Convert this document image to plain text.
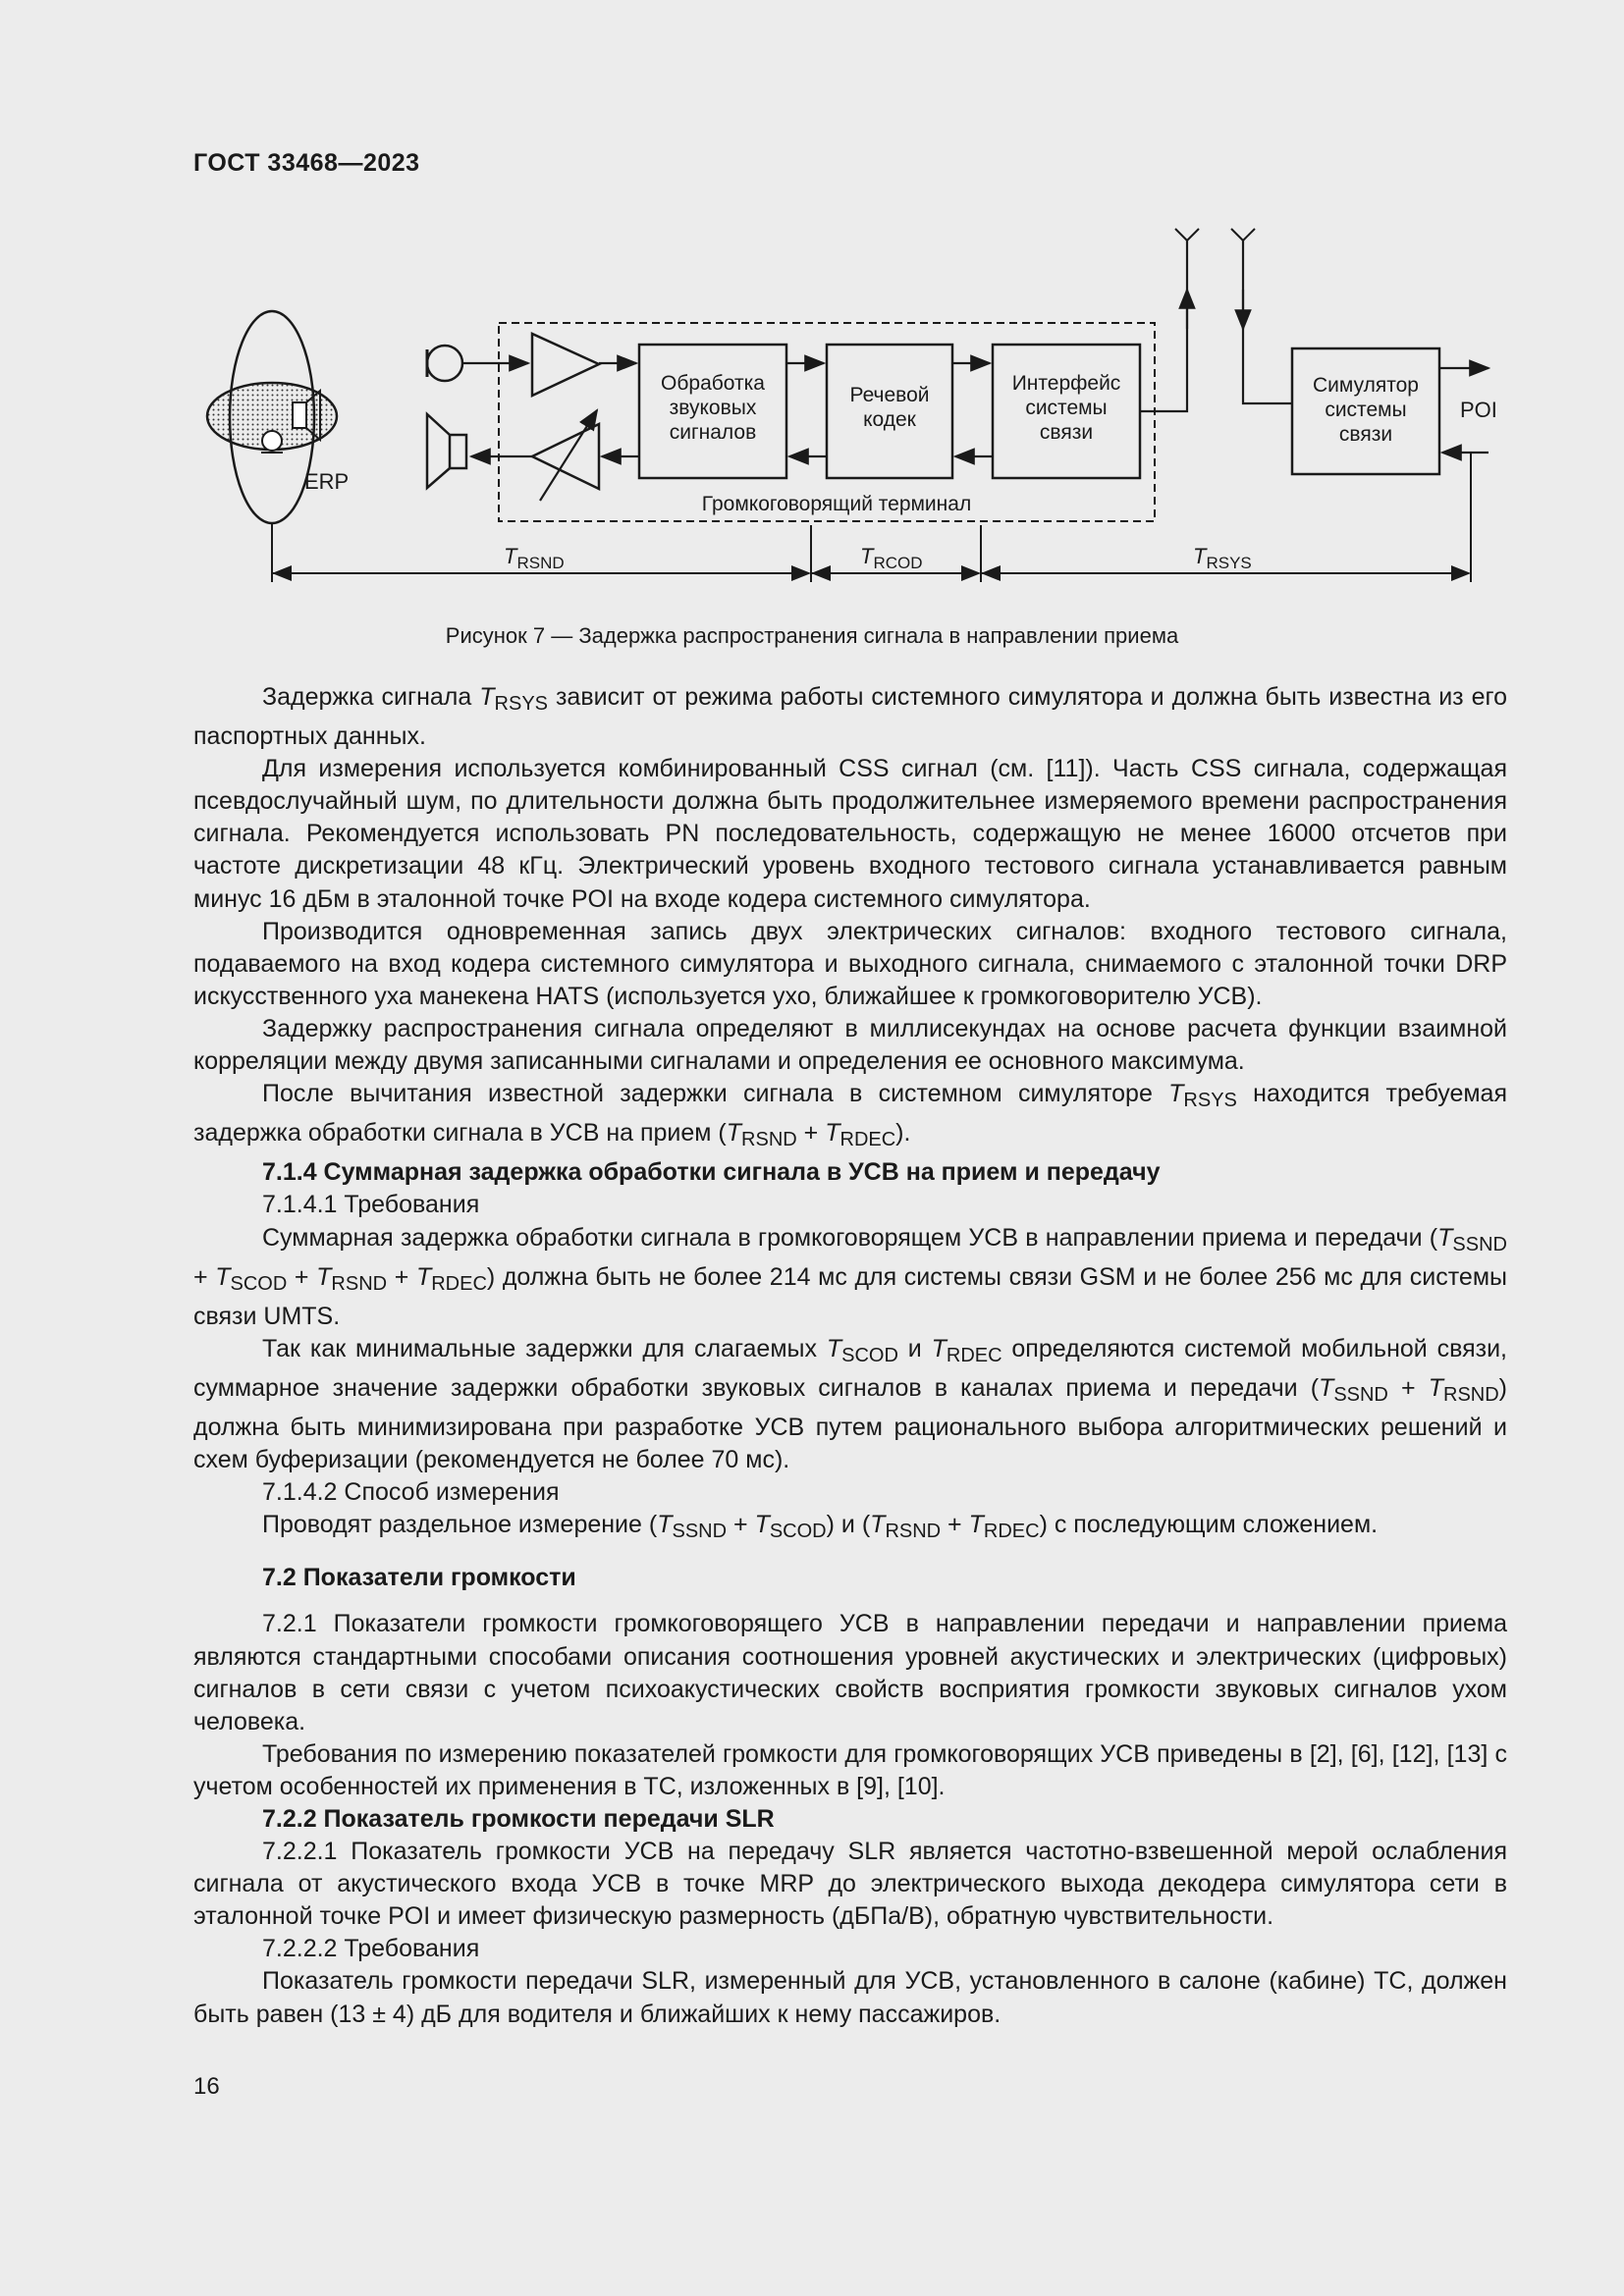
ГОСТ 33468—2023
ERP
Громкоговорящий терминал
Обработка
звуковых
сигналов
Речевой
кодек
Интерфейс
системы
связи
Симулятор
системы
связи
POI
$T_{RSND}$	$T_{RCOD}$	$T_{RSYS}$
Рисунок 7 — Задержка распространения сигнала в направлении приема

Задержка сигнала $T_{RSYS}$ зависит от режима работы системного симулятора и должна быть известна из его паспортных данных.

Для измерения используется комбинированный CSS сигнал (см. [11]). Часть CSS сигнала, содержащая псевдослучайный шум, по длительности должна быть продолжительнее измеряемого времени распространения сигнала. Рекомендуется использовать PN последовательность, содержащую не менее 16000 отсчетов при частоте дискретизации 48 кГц. Электрический уровень входного тестового сигнала устанавливается равным минус 16 дБм в эталонной точке POI на входе кодера системного симулятора.

Производится одновременная запись двух электрических сигналов: входного тестового сигнала, подаваемого на вход кодера системного симулятора и выходного сигнала, снимаемого с эталонной точки DRP искусственного уха манекена HATS (используется ухо, ближайшее к громкоговорителю УСВ).

Задержку распространения сигнала определяют в миллисекундах на основе расчета функции взаимной корреляции между двумя записанными сигналами и определения ее основного максимума.

После вычитания известной задержки сигнала в системном симуляторе $T_{RSYS}$ находится требуемая задержка обработки сигнала в УСВ на прием $(T_{RSND} + T_{RDEC})$.

7.1.4 Суммарная задержка обработки сигнала в УСВ на прием и передачу

7.1.4.1 Требования

Суммарная задержка обработки сигнала в громкоговорящем УСВ в направлении приема и передачи $(T_{SSND} + T_{SCOD} + T_{RSND} + T_{RDEC})$ должна быть не более 214 мс для системы связи GSM и не более 256 мс для системы связи UMTS.

Так как минимальные задержки для слагаемых $T_{SCOD}$ и $T_{RDEC}$ определяются системой мобильной связи, суммарное значение задержки обработки звуковых сигналов в каналах приема и передачи $(T_{SSND} + T_{RSND})$ должна быть минимизирована при разработке УСВ путем рационального выбора алгоритмических решений и схем буферизации (рекомендуется не более 70 мс).

7.1.4.2 Способ измерения

Проводят раздельное измерение $(T_{SSND} + T_{SCOD})$ и $(T_{RSND} + T_{RDEC})$ с последующим сложением.

7.2 Показатели громкости

7.2.1 Показатели громкости громкоговорящего УСВ в направлении передачи и направлении приема являются стандартными способами описания соотношения уровней акустических и электрических (цифровых) сигналов в сети связи с учетом психоакустических свойств восприятия громкости звуковых сигналов ухом человека.

Требования по измерению показателей громкости для громкоговорящих УСВ приведены в [2], [6], [12], [13] с учетом особенностей их применения в ТС, изложенных в [9], [10].

7.2.2 Показатель громкости передачи SLR

7.2.2.1 Показатель громкости УСВ на передачу SLR является частотно-взвешенной мерой ослабления сигнала от акустического входа УСВ в точке MRP до электрического выхода декодера симулятора сети в эталонной точке POI и имеет физическую размерность (дБПа/В), обратную чувствительности.

7.2.2.2 Требования

Показатель громкости передачи SLR, измеренный для УСВ, установленного в салоне (кабине) ТС, должен быть равен (13 ± 4) дБ для водителя и ближайших к нему пассажиров.

16
